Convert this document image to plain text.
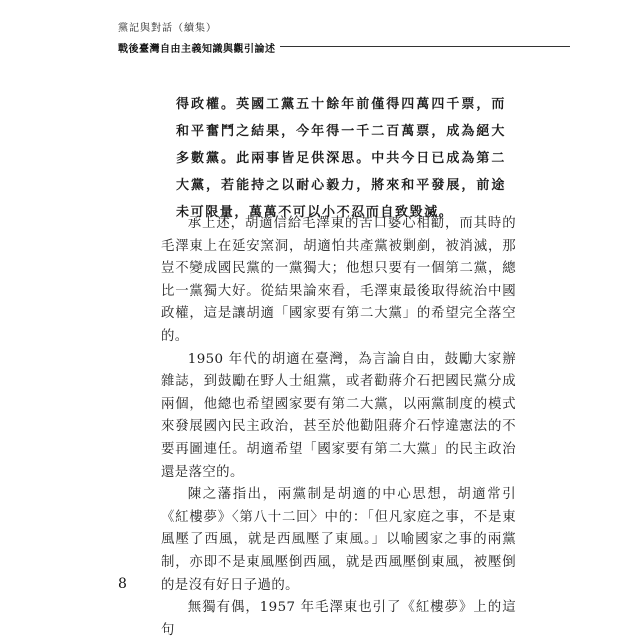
黨記與對話（續集）
戰後臺灣自由主義知識與觀引論述

得政權。英國工黨五十餘年前僅得四萬四千票，而和平奮鬥之結果，今年得一千二百萬票，成為絕大多數黨。此兩事皆足供深思。中共今日已成為第二大黨，若能持之以耐心毅力，將來和平發展，前途未可限量，萬萬不可以小不忍而自致毀滅。

承上述，胡適信給毛澤東的苦口婆心相勸，而其時的毛澤東上在延安窯洞，胡適怕共產黨被剿剷，被消滅，那豈不變成國民黨的一黨獨大；他想只要有一個第二黨，總比一黨獨大好。從結果論來看，毛澤東最後取得統治中國政權，這是讓胡適「國家要有第二大黨」的希望完全落空的。

1950 年代的胡適在臺灣，為言論自由，鼓勵大家辦雜誌，到鼓勵在野人士組黨，或者勸蔣介石把國民黨分成兩個，他總也希望國家要有第二大黨，以兩黨制度的模式來發展國內民主政治，甚至於他勸阻蔣介石悖違憲法的不要再圖連任。胡適希望「國家要有第二大黨」的民主政治還是落空的。

陳之藩指出，兩黨制是胡適的中心思想，胡適常引《紅樓夢》〈第八十二回〉中的：「但凡家庭之事，不是東風壓了西風，就是西風壓了東風。」以喻國家之事的兩黨制，亦即不是東風壓倒西風，就是西風壓倒東風，被壓倒的是沒有好日子過的。

無獨有偶，1957 年毛澤東也引了《紅樓夢》上的這句

8
